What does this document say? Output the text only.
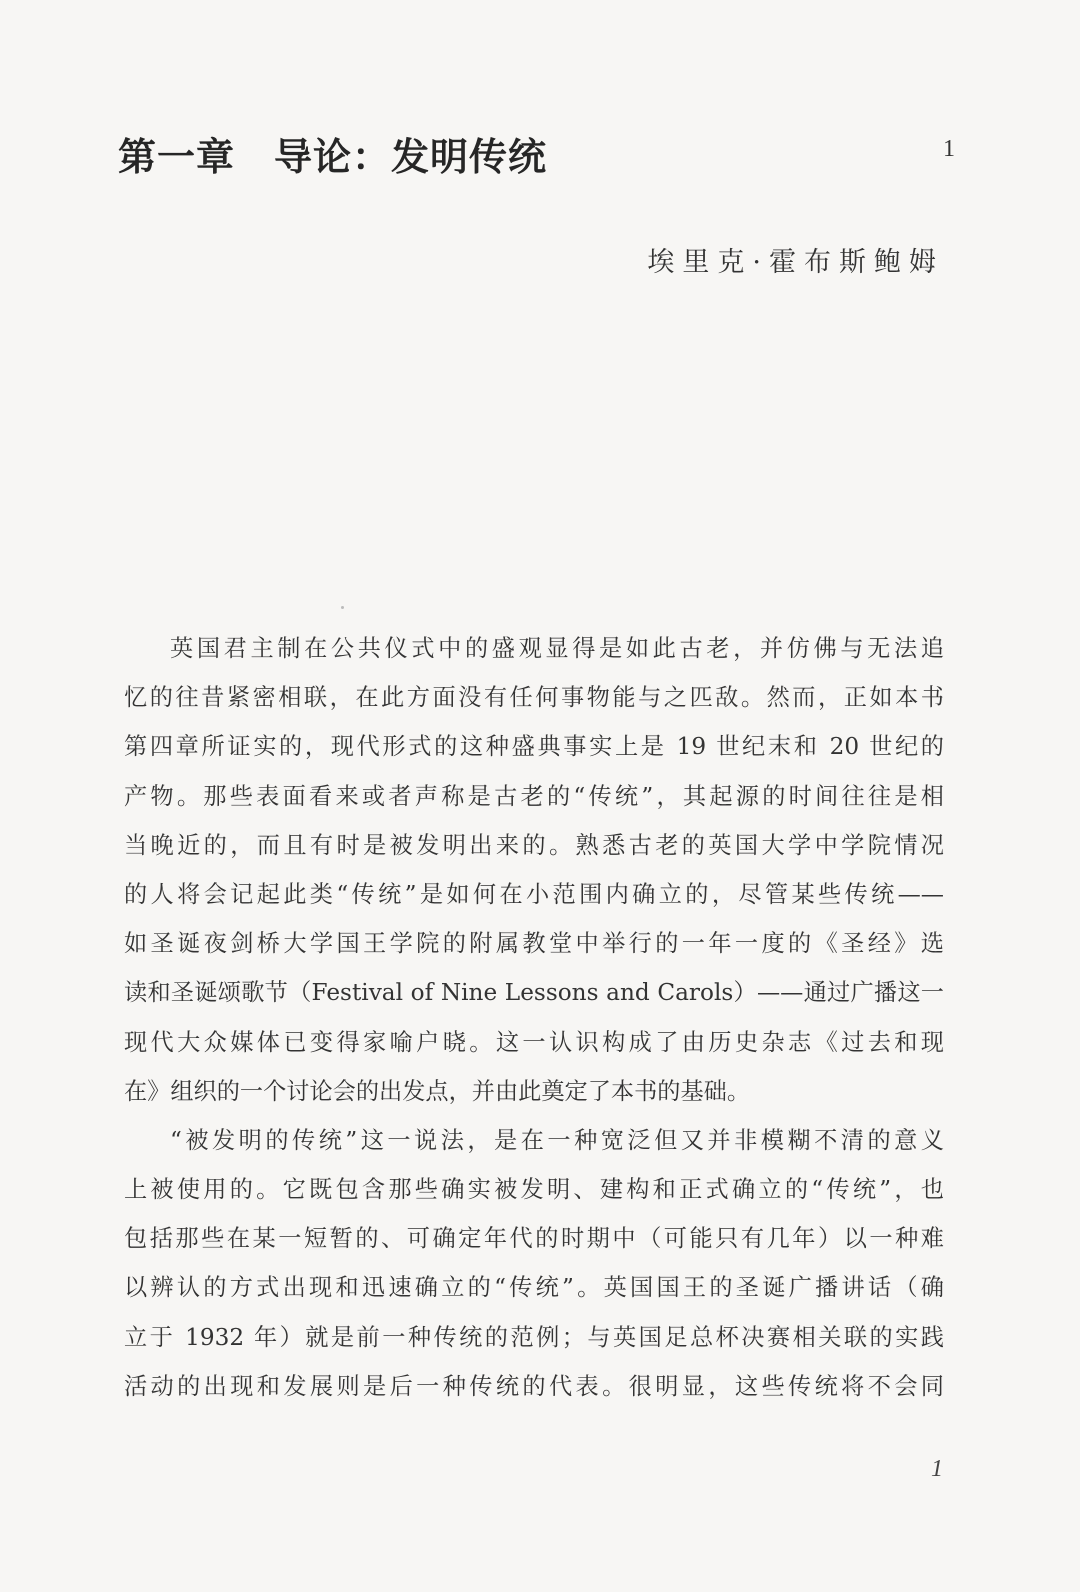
第一章　导论：发明传统	1

埃里克·霍布斯鲍姆

英国君主制在公共仪式中的盛观显得是如此古老，并仿佛与无法追
忆的往昔紧密相联，在此方面没有任何事物能与之匹敌。然而，正如本书
第四章所证实的，现代形式的这种盛典事实上是 19 世纪末和 20 世纪的
产物。那些表面看来或者声称是古老的“传统”，其起源的时间往往是相
当晚近的，而且有时是被发明出来的。熟悉古老的英国大学中学院情况
的人将会记起此类“传统”是如何在小范围内确立的，尽管某些传统——
如圣诞夜剑桥大学国王学院的附属教堂中举行的一年一度的《圣经》选
读和圣诞颂歌节（Festival of Nine Lessons and Carols）——通过广播这一
现代大众媒体已变得家喻户晓。这一认识构成了由历史杂志《过去和现
在》组织的一个讨论会的出发点，并由此奠定了本书的基础。
“被发明的传统”这一说法，是在一种宽泛但又并非模糊不清的意义
上被使用的。它既包含那些确实被发明、建构和正式确立的“传统”，也
包括那些在某一短暂的、可确定年代的时期中（可能只有几年）以一种难
以辨认的方式出现和迅速确立的“传统”。英国国王的圣诞广播讲话（确
立于 1932 年）就是前一种传统的范例；与英国足总杯决赛相关联的实践
活动的出现和发展则是后一种传统的代表。很明显，这些传统将不会同
1
